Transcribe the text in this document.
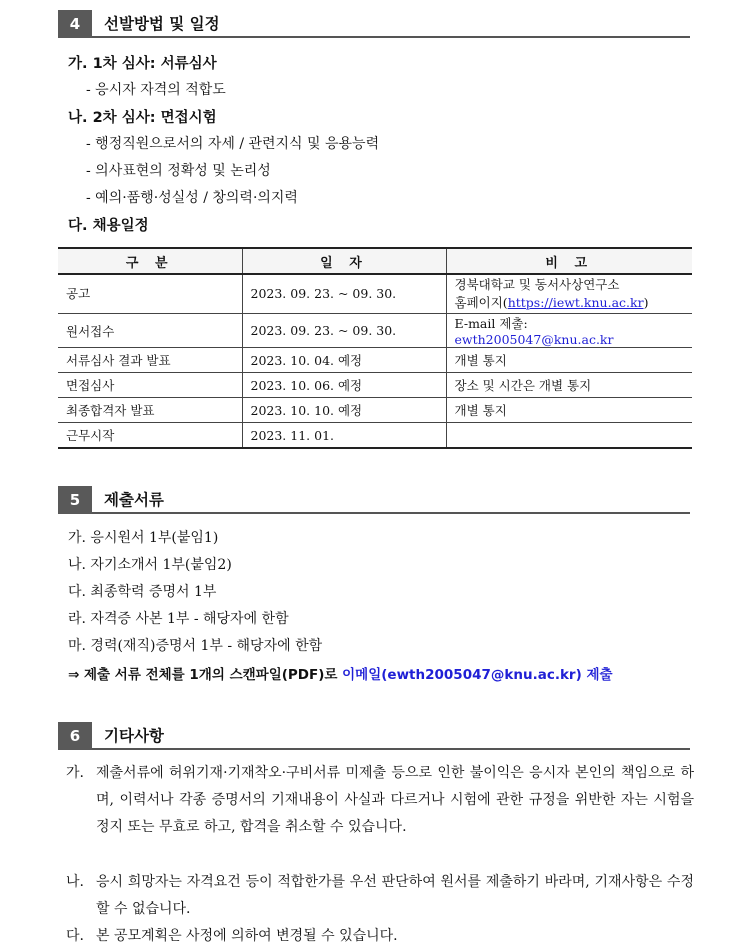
4	선발방법 및 일정
가. 1차 심사: 서류심사
- 응시자 자격의 적합도
나. 2차 심사: 면접시험
- 행정직원으로서의 자세 / 관련지식 및 응용능력
- 의사표현의 정확성 및 논리성
- 예의·품행·성실성 / 창의력·의지력
다. 채용일정
구 분	일 자	비 고
공고	2023. 09. 23. ~ 09. 30.	경북대학교 및 동서사상연구소
홈페이지(https://iewt.knu.ac.kr)
원서접수	2023. 09. 23. ~ 09. 30.	E-mail 제출: ewth2005047@knu.ac.kr
서류심사 결과 발표	2023. 10. 04. 예정	개별 통지
면접심사	2023. 10. 06. 예정	장소 및 시간은 개별 통지
최종합격자 발표	2023. 10. 10. 예정	개별 통지
근무시작	2023. 11. 01.	
5	제출서류
가. 응시원서 1부(붙임1)
나. 자기소개서 1부(붙임2)
다. 최종학력 증명서 1부
라. 자격증 사본 1부 - 해당자에 한함
마. 경력(재직)증명서 1부 - 해당자에 한함
⇒ 제출 서류 전체를 1개의 스캔파일(PDF)로 이메일(ewth2005047@knu.ac.kr) 제출
6	기타사항
가. 제출서류에 허위기재·기재착오·구비서류 미제출 등으로 인한 불이익은 응시자 본인의 책임으로 하며, 이력서나 각종 증명서의 기재내용이 사실과 다르거나 시험에 관한 규정을 위반한 자는 시험을 정지 또는 무효로 하고, 합격을 취소할 수 있습니다.
나. 응시 희망자는 자격요건 등이 적합한가를 우선 판단하여 원서를 제출하기 바라며, 기재사항은 수정할 수 없습니다.
다. 본 공모계획은 사정에 의하여 변경될 수 있습니다.
